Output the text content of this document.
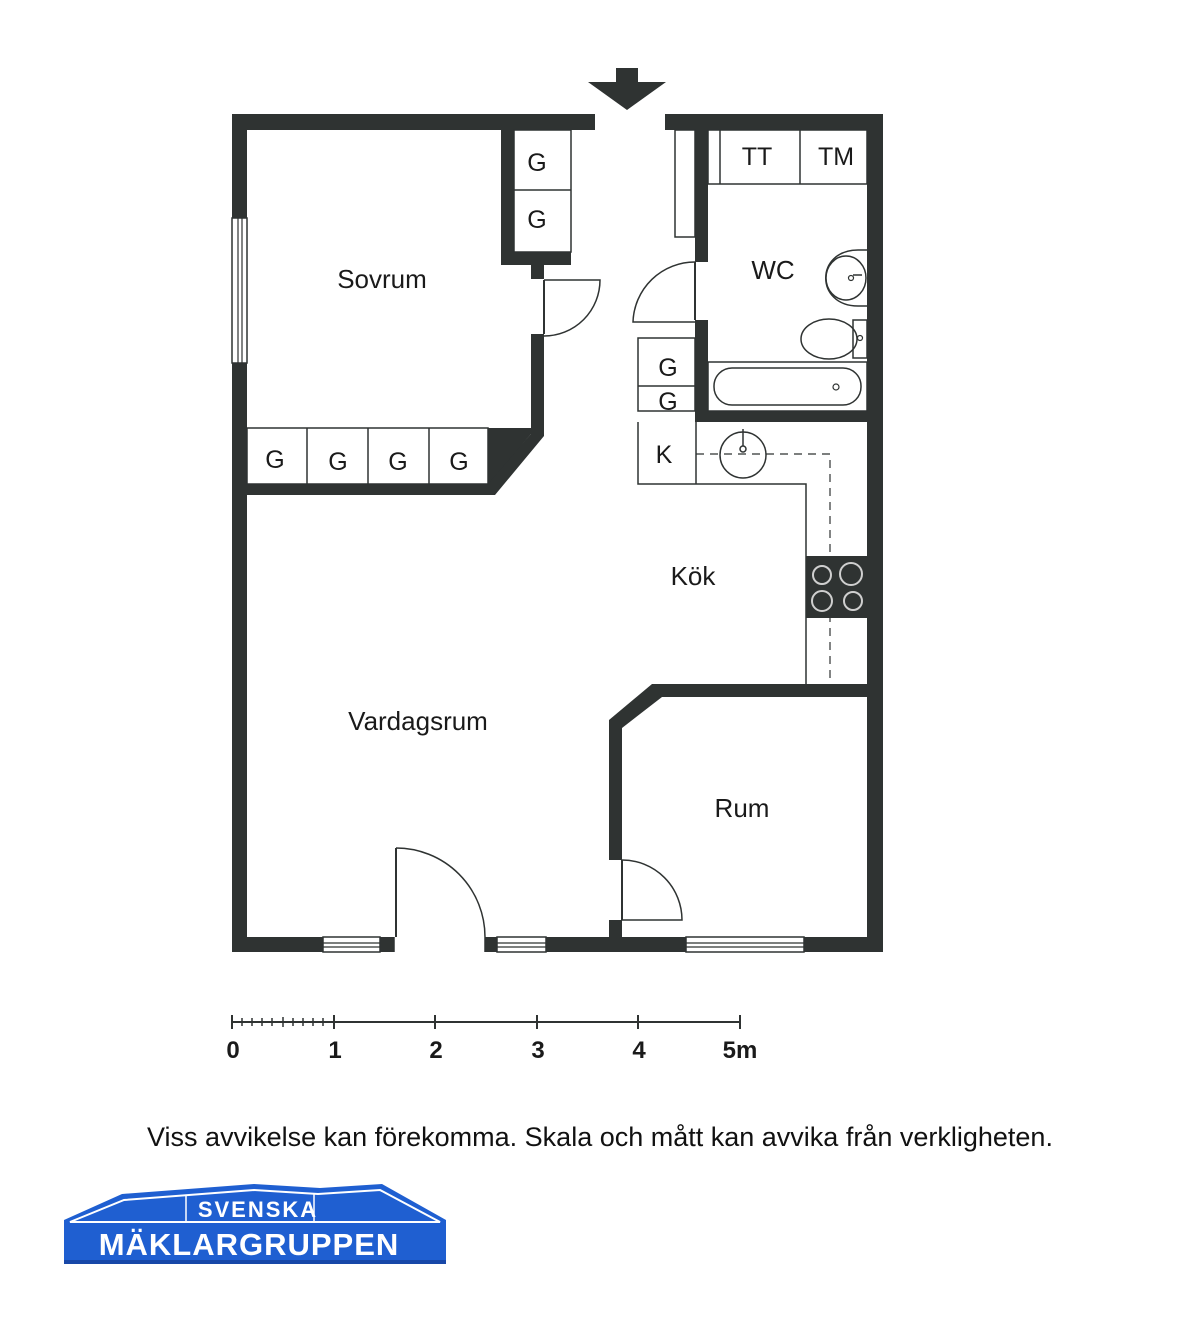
G
G
G G G G
TT TM
G
G
K
Sovrum	WC
Kök
Vardagsrum
Rum
0	1	2	3	4	5m
Viss avvikelse kan förekomma. Skala och mått kan avvika från verkligheten.
SVENSKA
MÄKLARGRUPPEN
